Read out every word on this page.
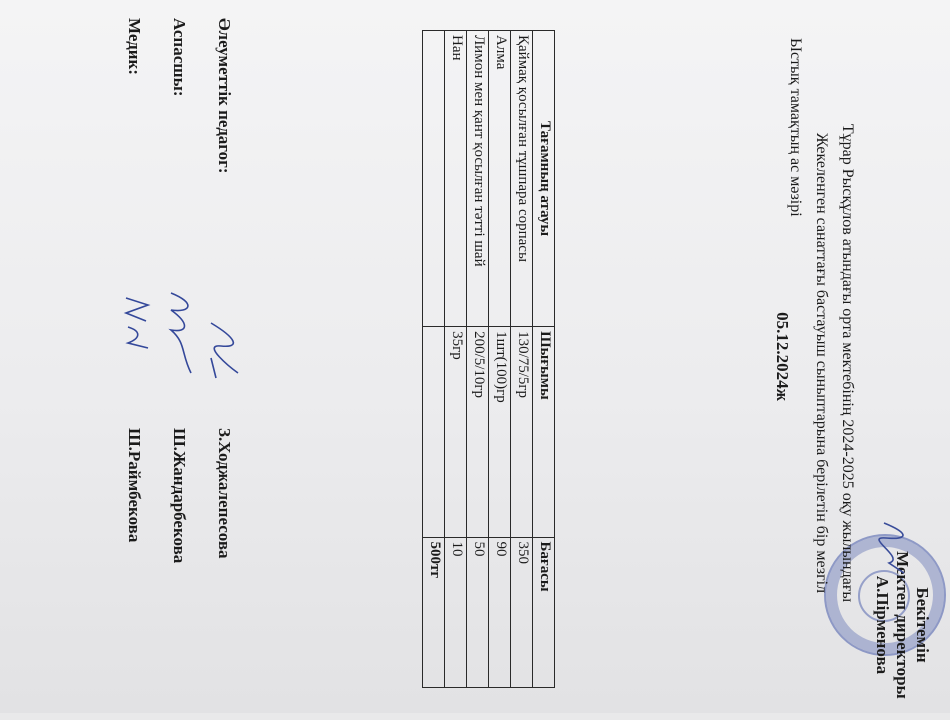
Бекітемін
Мектеп директоры
А.Пірменова

Тұрар Рысқұлов атындағы орта мектебінің 2024-2025 оқу жылындағы

Жекеленген санаттағы бастауыш сыныптарына берілетін бір мезгіл

Ыстық тамақтың ас мәзірі

05.12.2024ж
Тағамның атауы	Шығымы	Бағасы
Қаймақ қосылған тұшпара сорпасы	130/75/5гр	350
Алма	1шт(100)гр	90
Лимон мен қант қосылған тәтті шай	200/5/10гр	50
Нан	35гр	10
		500тг
Әлеуметтік педагог:
З.Ходжалепесова
Аспасшы:
Ш.Жандарбекова
Медик:
Ш.Раймбекова
